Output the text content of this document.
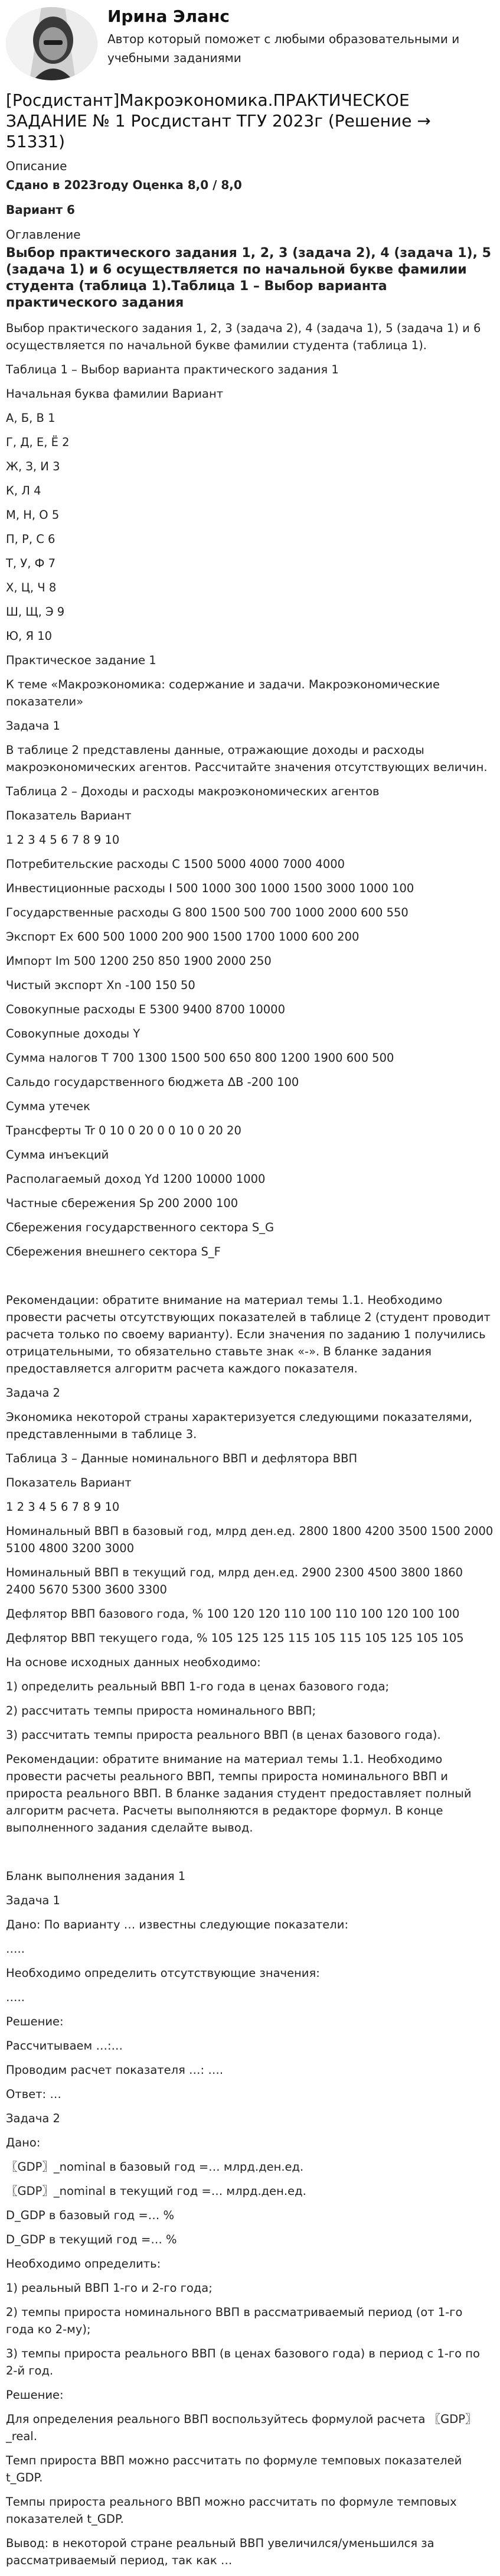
Ирина Эланс
Автор который поможет с любыми образовательными и учебными заданиями
[Росдистант]Макроэкономика.ПРАКТИЧЕСКОЕ ЗАДАНИЕ № 1 Росдистант ТГУ 2023г (Решение → 51331)
Описание
Сдано в 2023году Оценка 8,0 / 8,0
Вариант 6
Оглавление
Выбор практического задания 1, 2, 3 (задача 2), 4 (задача 1), 5 (задача 1) и 6 осуществляется по начальной букве фамилии студента (таблица 1).Таблица 1 – Выбор варианта практического задания

Выбор практического задания 1, 2, 3 (задача 2), 4 (задача 1), 5 (задача 1) и 6 осуществляется по начальной букве фамилии студента (таблица 1).

Таблица 1 – Выбор варианта практического задания 1

Начальная буква фамилии Вариант

А, Б, В 1

Г, Д, Е, Ё 2

Ж, З, И 3

К, Л 4

М, Н, О 5

П, Р, С 6

Т, У, Ф 7

Х, Ц, Ч 8

Ш, Щ, Э 9

Ю, Я 10

Практическое задание 1

К теме «Макроэкономика: содержание и задачи. Макроэкономические показатели»

Задача 1

В таблице 2 представлены данные, отражающие доходы и расходы макроэкономических агентов. Рассчитайте значения отсутствующих величин.

Таблица 2 – Доходы и расходы макроэкономических агентов

Показатель Вариант

1 2 3 4 5 6 7 8 9 10

Потребительские расходы C 1500 5000 4000 7000 4000

Инвестиционные расходы I 500 1000 300 1000 1500 3000 1000 100

Государственные расходы G 800 1500 500 700 1000 2000 600 550

Экспорт Ex 600 500 1000 200 900 1500 1700 1000 600 200

Импорт Im 500 1200 250 850 1900 2000 250

Чистый экспорт Xn -100 150 50

Совокупные расходы E 5300 9400 8700 10000

Совокупные доходы Y

Сумма налогов T 700 1300 1500 500 650 800 1200 1900 600 500

Сальдо государственного бюджета ΔB -200 100

Сумма утечек

Трансферты Tr 0 10 0 20 0 0 10 0 20 20

Сумма инъекций

Располагаемый доход Yd 1200 10000 1000

Частные сбережения Sp 200 2000 100

Сбережения государственного сектора S_G

Сбережения внешнего сектора S_F

Рекомендации: обратите внимание на материал темы 1.1. Необходимо провести расчеты отсутствующих показателей в таблице 2 (студент проводит расчета только по своему варианту). Если значения по заданию 1 получились отрицательными, то обязательно ставьте знак «-». В бланке задания предоставляется алгоритм расчета каждого показателя.

Задача 2

Экономика некоторой страны характеризуется следующими показателями, представленными в таблице 3.

Таблица 3 – Данные номинального ВВП и дефлятора ВВП

Показатель Вариант

1 2 3 4 5 6 7 8 9 10

Номинальный ВВП в базовый год, млрд ден.ед. 2800 1800 4200 3500 1500 2000 5100 4800 3200 3000

Номинальный ВВП в текущий год, млрд ден.ед. 2900 2300 4500 3800 1860 2400 5670 5300 3600 3300

Дефлятор ВВП базового года, % 100 120 120 110 100 110 100 120 100 100

Дефлятор ВВП текущего года, % 105 125 125 115 105 115 105 125 105 105

На основе исходных данных необходимо:

1) определить реальный ВВП 1-го года в ценах базового года;

2) рассчитать темпы прироста номинального ВВП;

3) рассчитать темпы прироста реального ВВП (в ценах базового года).

Рекомендации: обратите внимание на материал темы 1.1. Необходимо провести расчеты реального ВВП, темпы прироста номинального ВВП и прироста реального ВВП. В бланке задания студент предоставляет полный алгоритм расчета. Расчеты выполняются в редакторе формул. В конце выполненного задания сделайте вывод.

Бланк выполнения задания 1

Задача 1

Дано: По варианту … известны следующие показатели:

…..

Необходимо определить отсутствующие значения:

…..

Решение:

Рассчитываем …:…

Проводим расчет показателя …: ….

Ответ: …

Задача 2

Дано:

〖GDP〗_nominal в базовый год =… млрд.ден.ед.

〖GDP〗_nominal в текущий год =… млрд.ден.ед.

D_GDP в базовый год =… %

D_GDP в текущий год =… %

Необходимо определить:

1) реальный ВВП 1-го и 2-го года;

2) темпы прироста номинального ВВП в рассматриваемый период (от 1-го года ко 2-му);

3) темпы прироста реального ВВП (в ценах базового года) в период с 1-го по 2-й год.

Решение:

Для определения реального ВВП воспользуйтесь формулой расчета 〖GDP〗_real.

Темп прироста ВВП можно рассчитать по формуле темповых показателей t_GDP.

Темпы прироста реального ВВП можно рассчитать по формуле темповых показателей t_GDP.

Вывод: в некоторой стране реальный ВВП увеличился/уменьшился за рассматриваемый период, так как …
